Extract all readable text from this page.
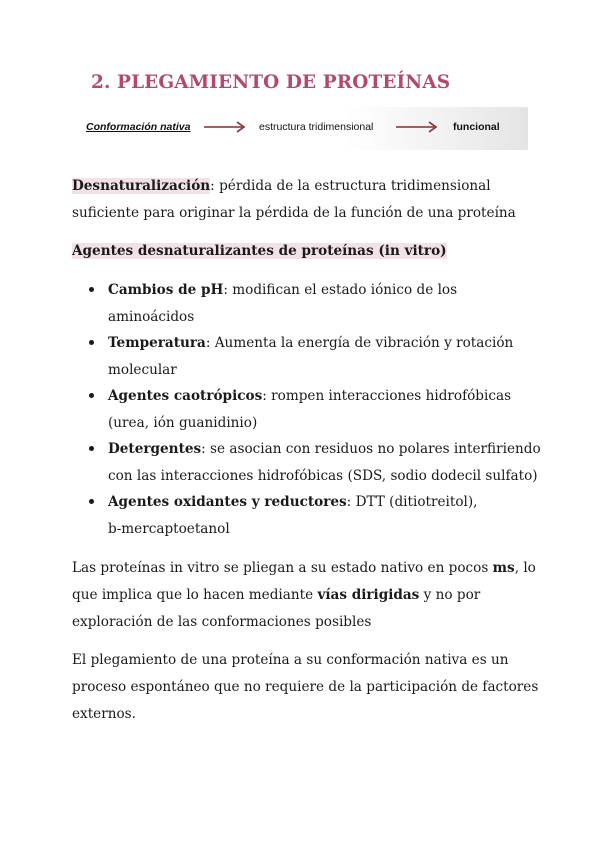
2. PLEGAMIENTO DE PROTEÍNAS
Conformación nativa	estructura tridimensional	funcional
Desnaturalización: pérdida de la estructura tridimensional
suficiente para originar la pérdida de la función de una proteína
Agentes desnaturalizantes de proteínas (in vitro)
Cambios de pH: modifican el estado iónico de los
aminoácidos
Temperatura: Aumenta la energía de vibración y rotación
molecular
Agentes caotrópicos: rompen interacciones hidrofóbicas
(urea, ión guanidinio)
Detergentes: se asocian con residuos no polares interfiriendo
con las interacciones hidrofóbicas (SDS, sodio dodecil sulfato)
Agentes oxidantes y reductores: DTT (ditiotreitol),
b-mercaptoetanol
Las proteínas in vitro se pliegan a su estado nativo en pocos ms, lo
que implica que lo hacen mediante vías dirigidas y no por
exploración de las conformaciones posibles
El plegamiento de una proteína a su conformación nativa es un
proceso espontáneo que no requiere de la participación de factores
externos.
